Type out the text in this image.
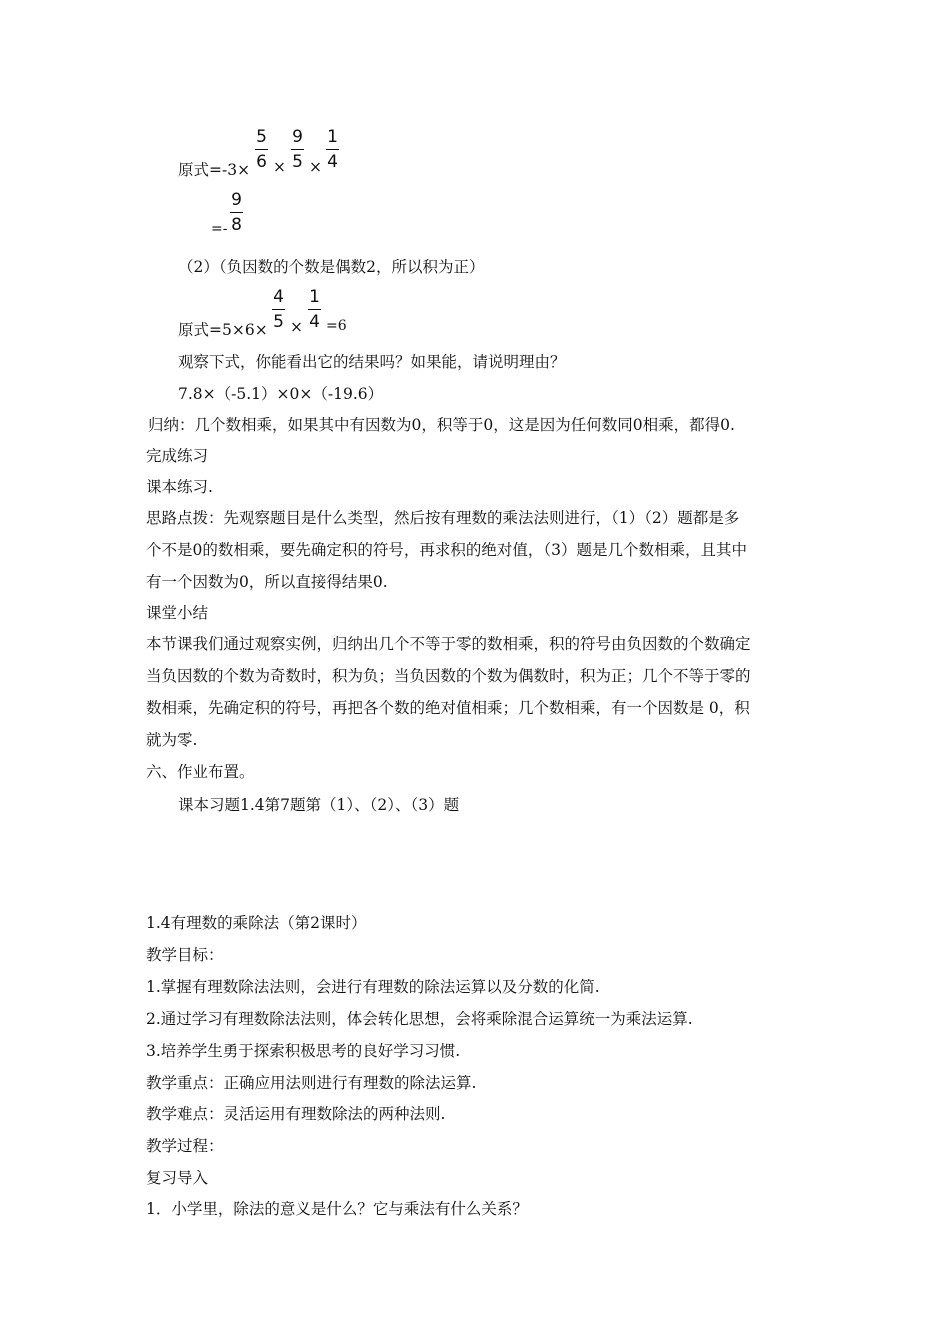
原式=-3×
5
6 ×
9
5 ×
1
4
=-
9
8
（2）（负因数的个数是偶数2，所以积为正）
原式=5×6×
4
5 ×
1
4 =6
观察下式，你能看出它的结果吗？如果能，请说明理由？
7.8×（-5.1）×0×（-19.6）
归纳：几个数相乘，如果其中有因数为0，积等于0，这是因为任何数同0相乘，都得0.
完成练习
课本练习.
思路点拨：先观察题目是什么类型，然后按有理数的乘法法则进行，（1）（2）题都是多
个不是0的数相乘，要先确定积的符号，再求积的绝对值，（3）题是几个数相乘，且其中
有一个因数为0，所以直接得结果0.
课堂小结
本节课我们通过观察实例，归纳出几个不等于零的数相乘，积的符号由负因数的个数确定
当负因数的个数为奇数时，积为负；当负因数的个数为偶数时，积为正；几个不等于零的
数相乘，先确定积的符号，再把各个数的绝对值相乘；几个数相乘，有一个因数是 0，积
就为零.
六、作业布置。
课本习题1.4第7题第（1）、（2）、（3）题
1.4有理数的乘除法（第2课时）
教学目标：
1.掌握有理数除法法则，会进行有理数的除法运算以及分数的化简.
2.通过学习有理数除法法则，体会转化思想，会将乘除混合运算统一为乘法运算.
3.培养学生勇于探索积极思考的良好学习习惯.
教学重点：正确应用法则进行有理数的除法运算.
教学难点：灵活运用有理数除法的两种法则.
教学过程：
复习导入
1．小学里，除法的意义是什么？它与乘法有什么关系？
